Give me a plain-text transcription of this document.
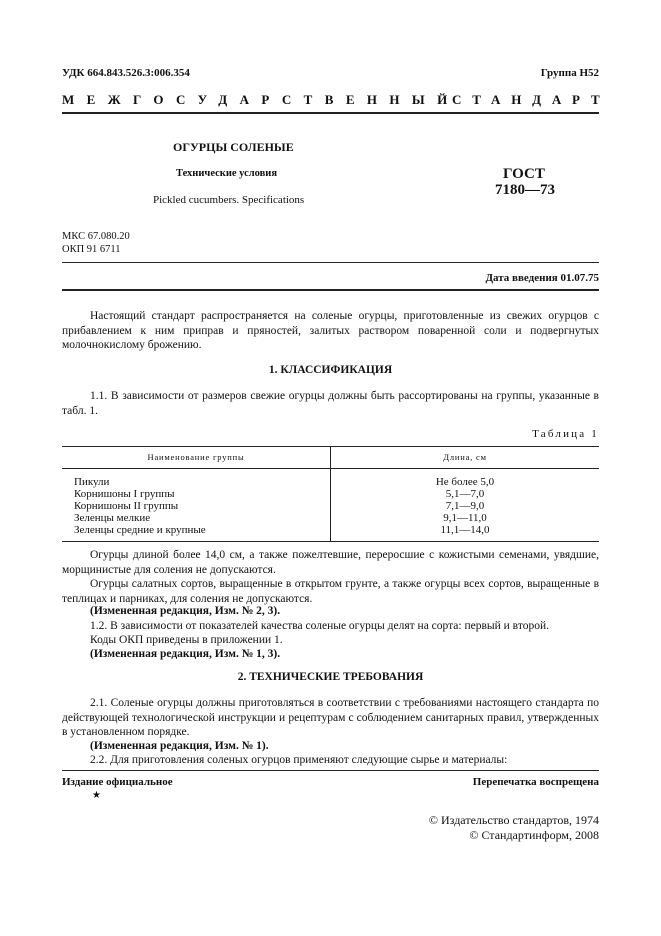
УДК 664.843.526.3:006.354	Группа Н52
МЕЖГОСУДАРСТВЕННЫЙ
СТАНДАРТ
ОГУРЦЫ СОЛЕНЫЕ
Технические условия
Pickled cucumbers. Specifications
ГОСТ
7180—73
МКС 67.080.20
ОКП 91 6711
Дата введения 01.07.75
Настоящий стандарт распространяется на соленые огурцы, приготовленные из свежих огурцов с прибавлением к ним приправ и пряностей, залитых раствором поваренной соли и подвергнутых молочнокислому брожению.
1. КЛАССИФИКАЦИЯ
1.1. В зависимости от размеров свежие огурцы должны быть рассортированы на группы, указанные в табл. 1.
Таблица 1
Наименование группы	Длина, см
Пикули	Не более 5,0
Корнишоны I группы	5,1—7,0
Корнишоны II группы	7,1—9,0
Зеленцы мелкие	9,1—11,0
Зеленцы средние и крупные	11,1—14,0
Огурцы длиной более 14,0 см, а также пожелтевшие, переросшие с кожистыми семенами, увядшие, морщинистые для соления не допускаются.
Огурцы салатных сортов, выращенные в открытом грунте, а также огурцы всех сортов, выращенные в теплицах и парниках, для соления не допускаются.
(Измененная редакция, Изм. № 2, 3).
1.2. В зависимости от показателей качества соленые огурцы делят на сорта: первый и второй.
Коды ОКП приведены в приложении 1.
(Измененная редакция, Изм. № 1, 3).
2. ТЕХНИЧЕСКИЕ ТРЕБОВАНИЯ
2.1. Соленые огурцы должны приготовляться в соответствии с требованиями настоящего стандарта по действующей технологической инструкции и рецептурам с соблюдением санитарных правил, утвержденных в установленном порядке.
(Измененная редакция, Изм. № 1).
2.2. Для приготовления соленых огурцов применяют следующие сырье и материалы:
Издание официальное
★
Перепечатка воспрещена
© Издательство стандартов, 1974
© Стандартинформ, 2008
